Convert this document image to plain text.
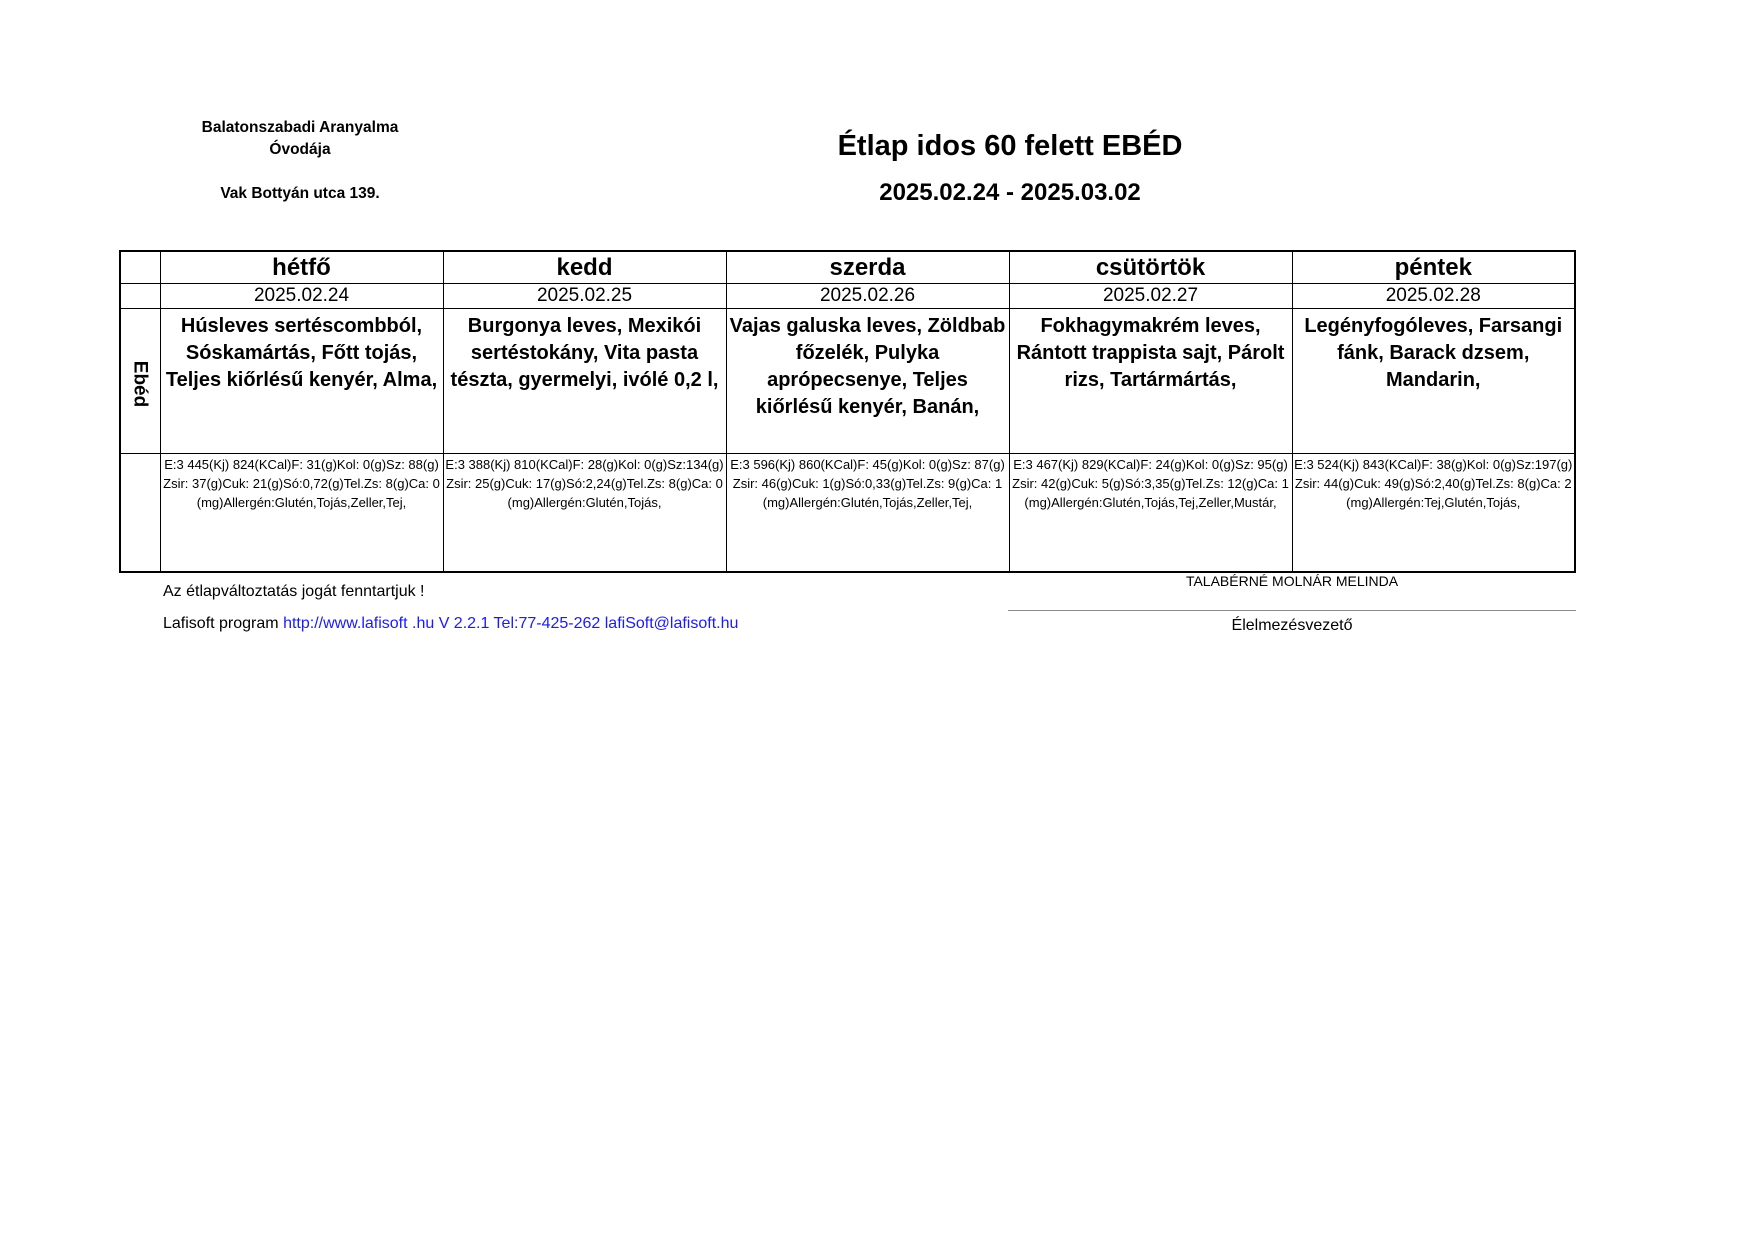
Balatonszabadi Aranyalma
Óvodája
Vak Bottyán utca 139.
Étlap idos 60 felett EBÉD
2025.02.24 - 2025.03.02
	hétfő	kedd	szerda	csütörtök	péntek
	2025.02.24	2025.02.25	2025.02.26	2025.02.27	2025.02.28

Ebéd	Húsleves sertéscombból, Sóskamártás, Főtt tojás, Teljes kiőrlésű kenyér, Alma,	Burgonya leves, Mexikói sertéstokány, Vita pasta tészta, gyermelyi, ivólé 0,2 l,	Vajas galuska leves, Zöldbab főzelék, Pulyka aprópecsenye, Teljes kiőrlésű kenyér, Banán,	Fokhagymakrém leves, Rántott trappista sajt, Párolt rizs, Tartármártás,	Legényfogóleves, Farsangi fánk, Barack dzsem, Mandarin,
	E:3 445(Kj) 824(KCal)F: 31(g)Kol: 0(g)Sz: 88(g)Zsir: 37(g)Cuk: 21(g)Só:0,72(g)Tel.Zs: 8(g)Ca: 0(mg)Allergén:Glutén,Tojás,Zeller,Tej,	E:3 388(Kj) 810(KCal)F: 28(g)Kol: 0(g)Sz:134(g)Zsir: 25(g)Cuk: 17(g)Só:2,24(g)Tel.Zs: 8(g)Ca: 0(mg)Allergén:Glutén,Tojás,	E:3 596(Kj) 860(KCal)F: 45(g)Kol: 0(g)Sz: 87(g)Zsir: 46(g)Cuk: 1(g)Só:0,33(g)Tel.Zs: 9(g)Ca: 1(mg)Allergén:Glutén,Tojás,Zeller,Tej,	E:3 467(Kj) 829(KCal)F: 24(g)Kol: 0(g)Sz: 95(g)Zsir: 42(g)Cuk: 5(g)Só:3,35(g)Tel.Zs: 12(g)Ca: 1(mg)Allergén:Glutén,Tojás,Tej,Zeller,Mustár,	E:3 524(Kj) 843(KCal)F: 38(g)Kol: 0(g)Sz:197(g)Zsir: 44(g)Cuk: 49(g)Só:2,40(g)Tel.Zs: 8(g)Ca: 2(mg)Allergén:Tej,Glutén,Tojás,
Az étlapváltoztatás jogát fenntartjuk !
Lafisoft program http://www.lafisoft .hu V 2.2.1 Tel:77-425-262 lafiSoft@lafisoft.hu
TALABÉRNÉ MOLNÁR MELINDA
Élelmezésvezető
